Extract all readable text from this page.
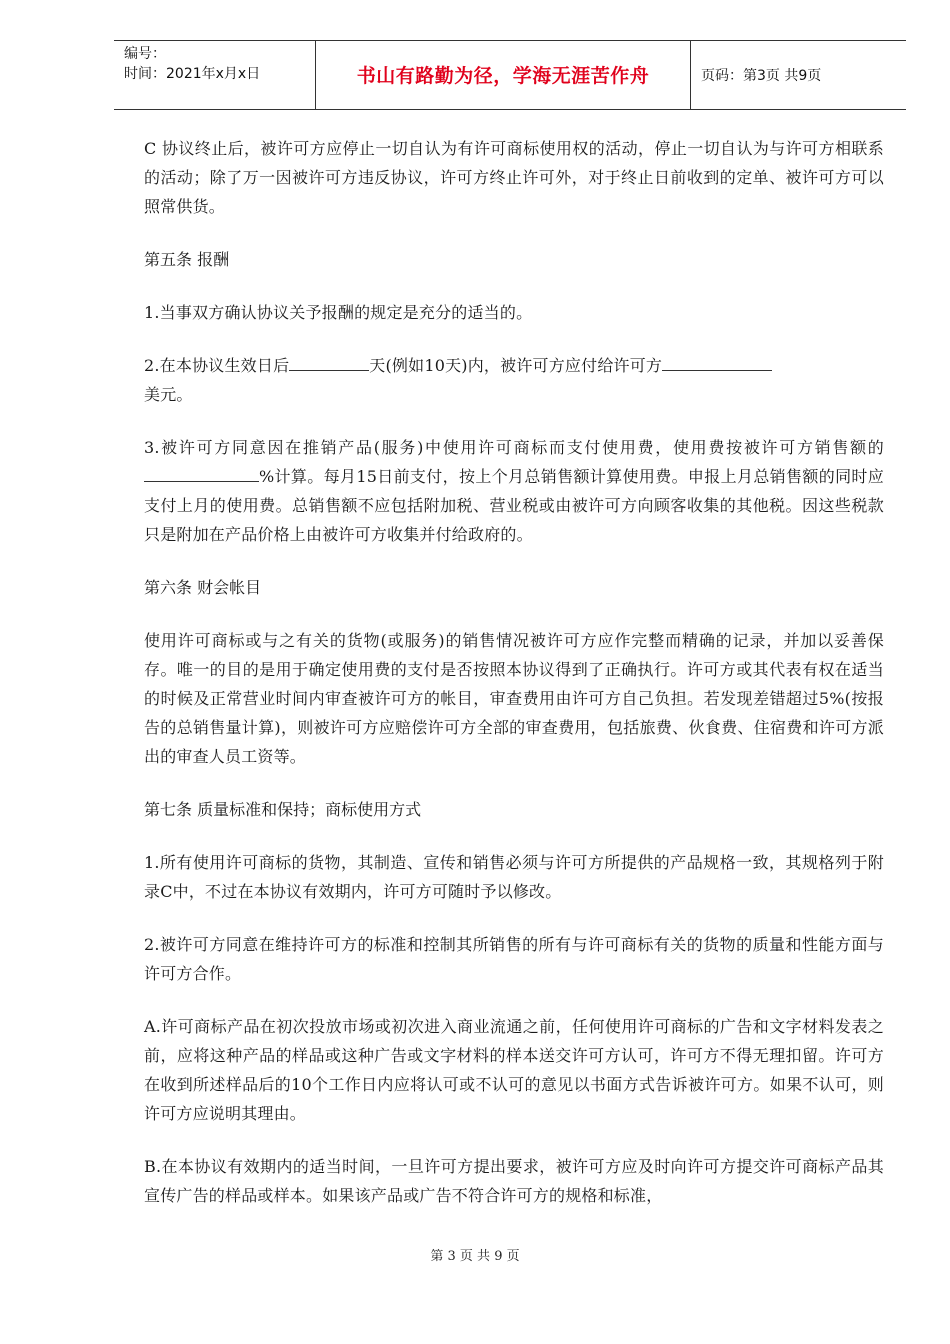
编号：
时间：2021年x月x日	书山有路勤为径，学海无涯苦作舟	页码：第3页 共9页

C 协议终止后，被许可方应停止一切自认为有许可商标使用权的活动，停止一切自认为与许可方相联系的活动；除了万一因被许可方违反协议，许可方终止许可外，对于终止日前收到的定单、被许可方可以照常供货。

第五条 报酬

1.当事双方确认协议关予报酬的规定是充分的适当的。

2.在本协议生效日后	天(例如10天)内，被许可方应付给许可方
美元。

3.被许可方同意因在推销产品(服务)中使用许可商标而支付使用费，使用费按被许可方销售额的%计算。每月15日前支付，按上个月总销售额计算使用费。申报上月总销售额的同时应支付上月的使用费。总销售额不应包括附加税、营业税或由被许可方向顾客收集的其他税。因这些税款只是附加在产品价格上由被许可方收集并付给政府的。

第六条 财会帐目

使用许可商标或与之有关的货物(或服务)的销售情况被许可方应作完整而精确的记录，并加以妥善保存。唯一的目的是用于确定使用费的支付是否按照本协议得到了正确执行。许可方或其代表有权在适当的时候及正常营业时间内审查被许可方的帐目，审查费用由许可方自己负担。若发现差错超过5%(按报告的总销售量计算)，则被许可方应赔偿许可方全部的审查费用，包括旅费、伙食费、住宿费和许可方派出的审查人员工资等。

第七条 质量标准和保持；商标使用方式

1.所有使用许可商标的货物，其制造、宣传和销售必须与许可方所提供的产品规格一致，其规格列于附录C中，不过在本协议有效期内，许可方可随时予以修改。

2.被许可方同意在维持许可方的标准和控制其所销售的所有与许可商标有关的货物的质量和性能方面与许可方合作。

A.许可商标产品在初次投放市场或初次进入商业流通之前，任何使用许可商标的广告和文字材料发表之前，应将这种产品的样品或这种广告或文字材料的样本送交许可方认可，许可方不得无理扣留。许可方在收到所述样品后的10个工作日内应将认可或不认可的意见以书面方式告诉被许可方。如果不认可，则许可方应说明其理由。

B.在本协议有效期内的适当时间，一旦许可方提出要求，被许可方应及时向许可方提交许可商标产品其宣传广告的样品或样本。如果该产品或广告不符合许可方的规格和标准，

第 3 页 共 9 页
